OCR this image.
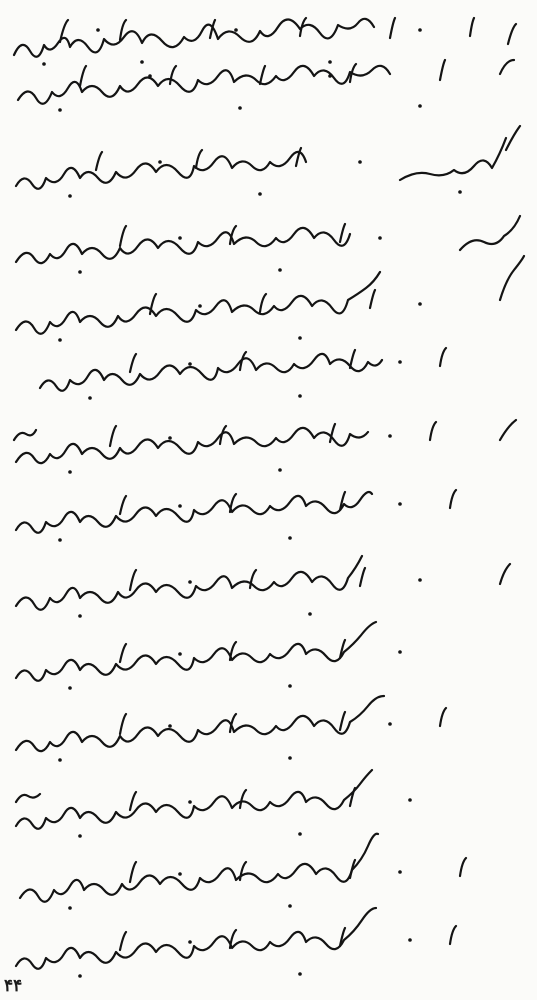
۴۴
